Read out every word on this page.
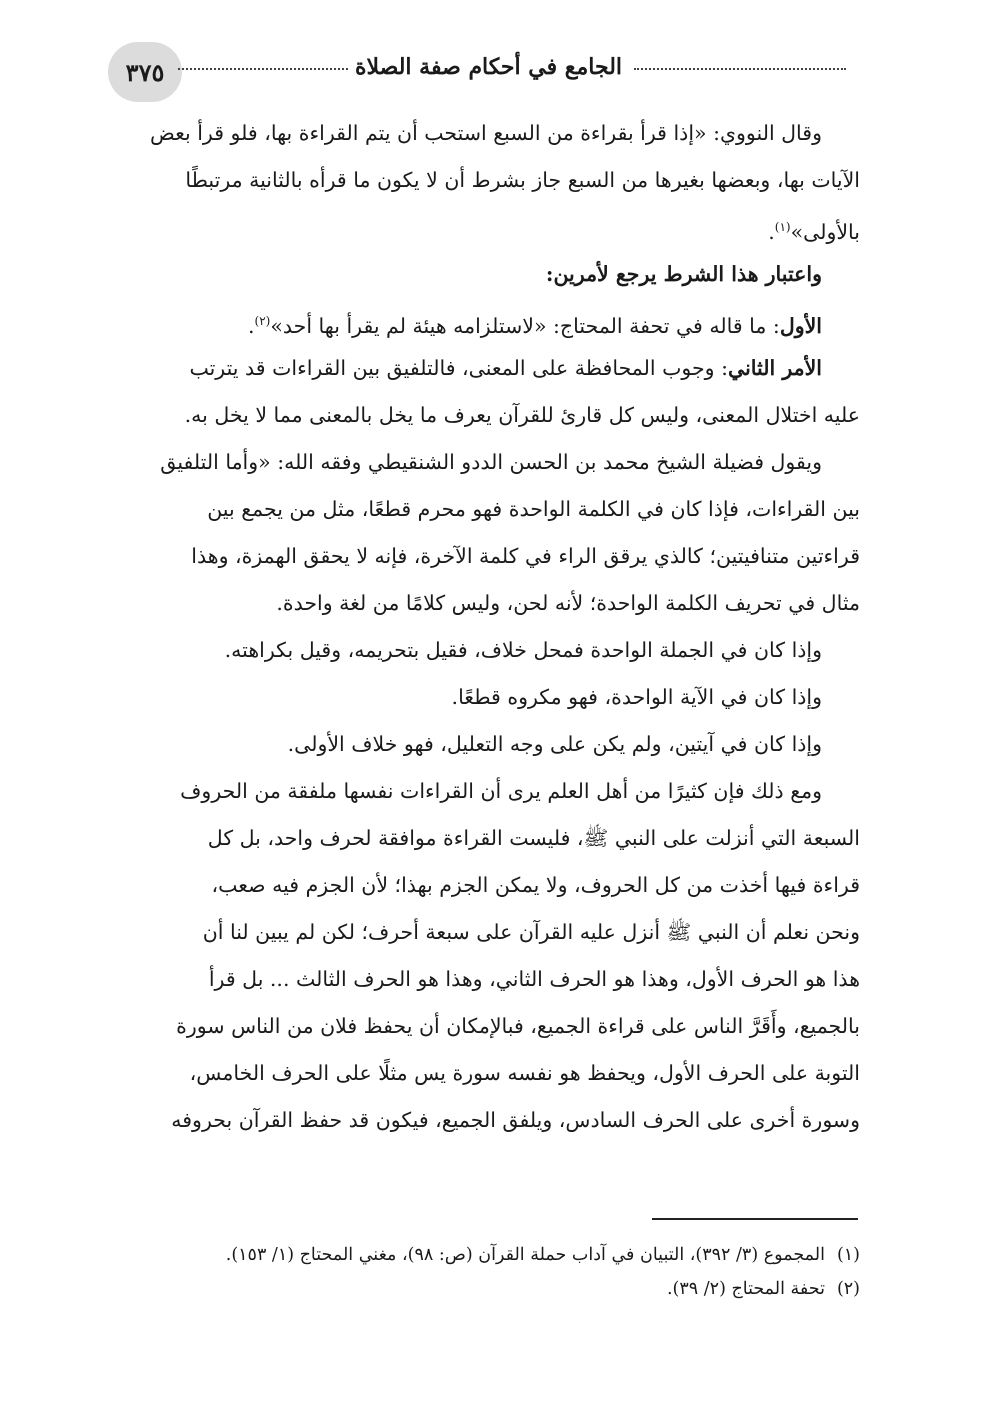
٣٧٥	الجامع في أحكام صفة الصلاة
وقال النووي: «إذا قرأ بقراءة من السبع استحب أن يتم القراءة بها، فلو قرأ بعض
الآيات بها، وبعضها بغيرها من السبع جاز بشرط أن لا يكون ما قرأه بالثانية مرتبطًا
بالأولى»$^{(١)}$.
واعتبار هذا الشرط يرجع لأمرين:
الأول: ما قاله في تحفة المحتاج: «لاستلزامه هيئة لم يقرأ بها أحد»$^{(٢)}$.
الأمر الثاني: وجوب المحافظة على المعنى، فالتلفيق بين القراءات قد يترتب
عليه اختلال المعنى، وليس كل قارئ للقرآن يعرف ما يخل بالمعنى مما لا يخل به.
ويقول فضيلة الشيخ محمد بن الحسن الددو الشنقيطي وفقه الله: «وأما التلفيق
بين القراءات، فإذا كان في الكلمة الواحدة فهو محرم قطعًا، مثل من يجمع بين
قراءتين متنافيتين؛ كالذي يرقق الراء في كلمة الآخرة، فإنه لا يحقق الهمزة، وهذا
مثال في تحريف الكلمة الواحدة؛ لأنه لحن، وليس كلامًا من لغة واحدة.
وإذا كان في الجملة الواحدة فمحل خلاف، فقيل بتحريمه، وقيل بكراهته.
وإذا كان في الآية الواحدة، فهو مكروه قطعًا.
وإذا كان في آيتين، ولم يكن على وجه التعليل، فهو خلاف الأولى.
ومع ذلك فإن كثيرًا من أهل العلم يرى أن القراءات نفسها ملفقة من الحروف
السبعة التي أنزلت على النبي ﷺ، فليست القراءة موافقة لحرف واحد، بل كل
قراءة فيها أخذت من كل الحروف، ولا يمكن الجزم بهذا؛ لأن الجزم فيه صعب،
ونحن نعلم أن النبي ﷺ أنزل عليه القرآن على سبعة أحرف؛ لكن لم يبين لنا أن
هذا هو الحرف الأول، وهذا هو الحرف الثاني، وهذا هو الحرف الثالث ... بل قرأ
بالجميع، وأَقَرَّ الناس على قراءة الجميع، فبالإمكان أن يحفظ فلان من الناس سورة
التوبة على الحرف الأول، ويحفظ هو نفسه سورة يس مثلًا على الحرف الخامس،
وسورة أخرى على الحرف السادس، ويلفق الجميع، فيكون قد حفظ القرآن بحروفه
(١)المجموع (٣/ ٣٩٢)، التبيان في آداب حملة القرآن (ص: ٩٨)، مغني المحتاج (١/ ١٥٣).
(٢)تحفة المحتاج (٢/ ٣٩).
